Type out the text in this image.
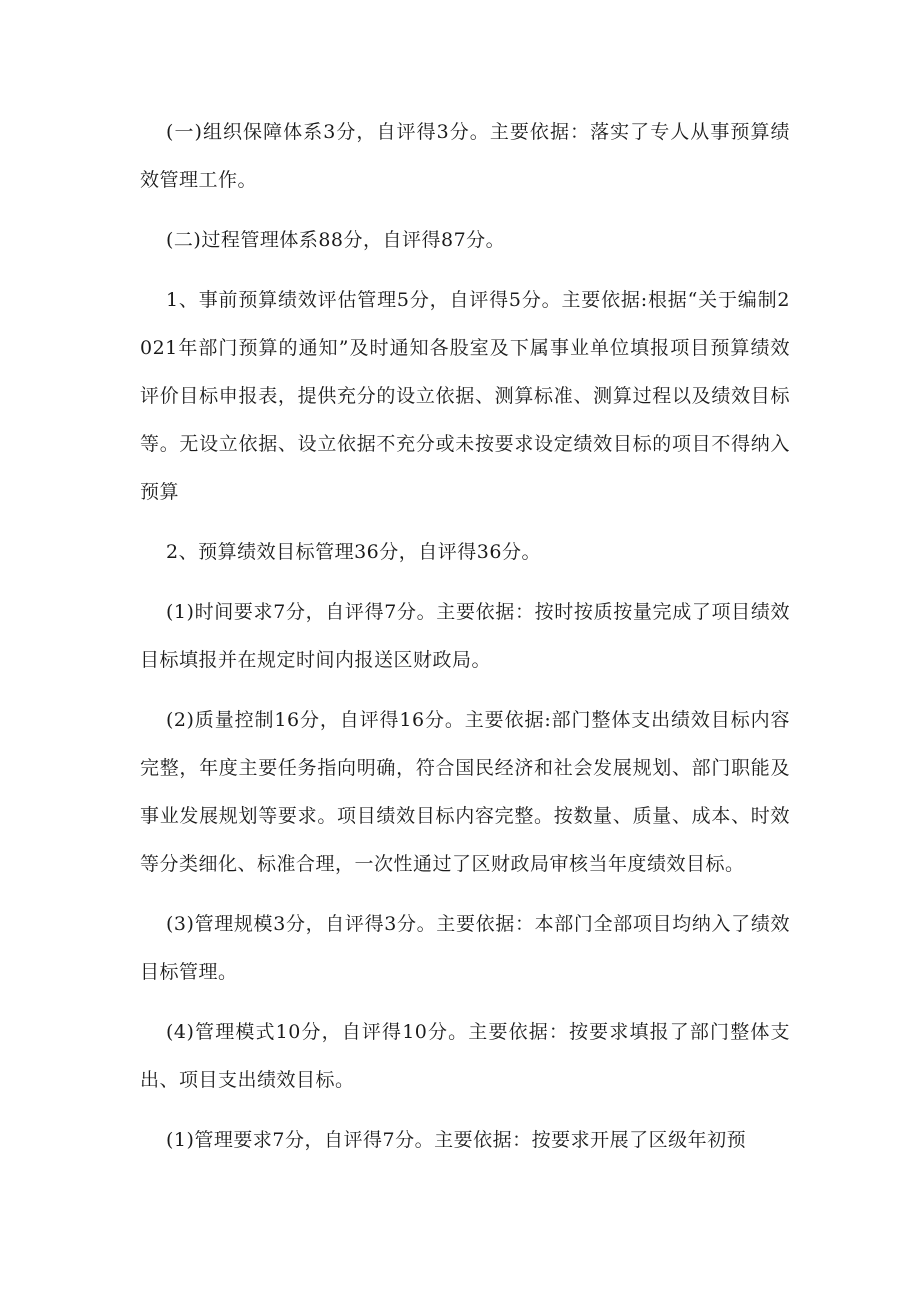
(一)组织保障体系3分，自评得3分。主要依据：落实了专人从事预算绩效管理工作。

(二)过程管理体系88分，自评得87分。

1、事前预算绩效评估管理5分，自评得5分。主要依据:根据“关于编制2021年部门预算的通知”及时通知各股室及下属事业单位填报项目预算绩效评价目标申报表，提供充分的设立依据、测算标准、测算过程以及绩效目标等。无设立依据、设立依据不充分或未按要求设定绩效目标的项目不得纳入预算

2、预算绩效目标管理36分，自评得36分。

(1)时间要求7分，自评得7分。主要依据：按时按质按量完成了项目绩效目标填报并在规定时间内报送区财政局。

(2)质量控制16分，自评得16分。主要依据:部门整体支出绩效目标内容完整，年度主要任务指向明确，符合国民经济和社会发展规划、部门职能及事业发展规划等要求。项目绩效目标内容完整。按数量、质量、成本、时效等分类细化、标准合理，一次性通过了区财政局审核当年度绩效目标。

(3)管理规模3分，自评得3分。主要依据：本部门全部项目均纳入了绩效目标管理。

(4)管理模式10分，自评得10分。主要依据：按要求填报了部门整体支出、项目支出绩效目标。

(1)管理要求7分，自评得7分。主要依据：按要求开展了区级年初预
